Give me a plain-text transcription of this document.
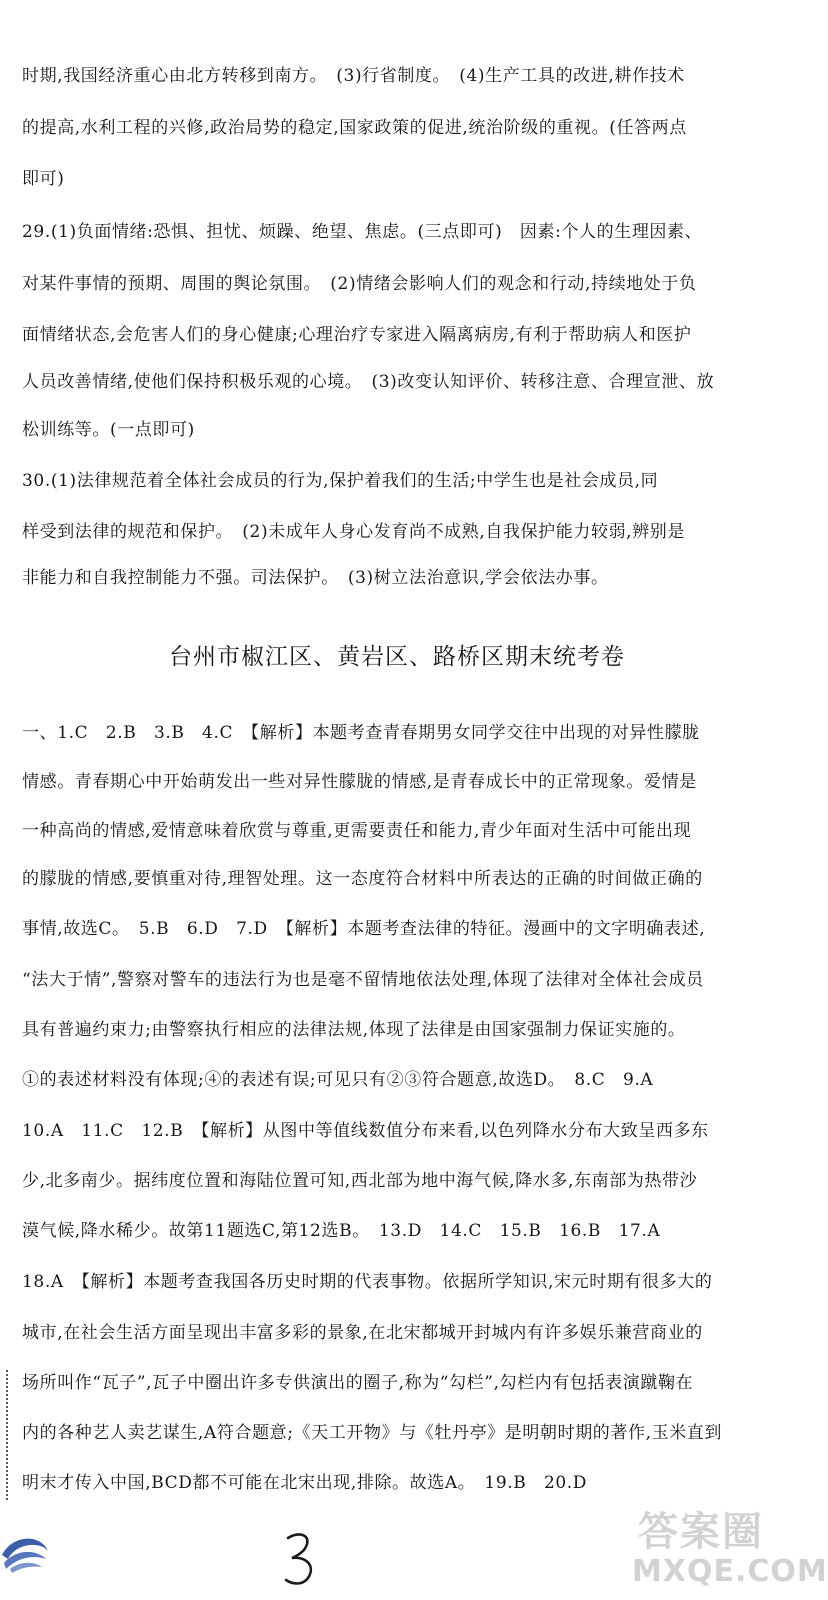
时期,我国经济重心由北方转移到南方。　(3)行省制度。　(4)生产工具的改进,耕作技术
的提高,水利工程的兴修,政治局势的稳定,国家政策的促进,统治阶级的重视。(任答两点
即可)
29.(1)负面情绪:恐惧、担忧、烦躁、绝望、焦虑。(三点即可)　因素:个人的生理因素、
对某件事情的预期、周围的舆论氛围。　(2)情绪会影响人们的观念和行动,持续地处于负
面情绪状态,会危害人们的身心健康;心理治疗专家进入隔离病房,有利于帮助病人和医护
人员改善情绪,使他们保持积极乐观的心境。　(3)改变认知评价、转移注意、合理宣泄、放
松训练等。(一点即可)
30.(1)法律规范着全体社会成员的行为,保护着我们的生活;中学生也是社会成员,同
样受到法律的规范和保护。　(2)未成年人身心发育尚不成熟,自我保护能力较弱,辨别是
非能力和自我控制能力不强。司法保护。　(3)树立法治意识,学会依法办事。
台州市椒江区、黄岩区、路桥区期末统考卷
一、1.C　2.B　3.B　4.C　【解析】本题考查青春期男女同学交往中出现的对异性朦胧
情感。青春期心中开始萌发出一些对异性朦胧的情感,是青春成长中的正常现象。爱情是
一种高尚的情感,爱情意味着欣赏与尊重,更需要责任和能力,青少年面对生活中可能出现
的朦胧的情感,要慎重对待,理智处理。这一态度符合材料中所表达的正确的时间做正确的
事情,故选C。　5.B　6.D　7.D　【解析】本题考查法律的特征。漫画中的文字明确表述,
“法大于情”,警察对警车的违法行为也是毫不留情地依法处理,体现了法律对全体社会成员
具有普遍约束力;由警察执行相应的法律法规,体现了法律是由国家强制力保证实施的。
①的表述材料没有体现;④的表述有误;可见只有②③符合题意,故选D。　8.C　9.A
10.A　11.C　12.B　【解析】从图中等值线数值分布来看,以色列降水分布大致呈西多东
少,北多南少。据纬度位置和海陆位置可知,西北部为地中海气候,降水多,东南部为热带沙
漠气候,降水稀少。故第11题选C,第12选B。　13.D　14.C　15.B　16.B　17.A
18.A　【解析】本题考查我国各历史时期的代表事物。依据所学知识,宋元时期有很多大的
城市,在社会生活方面呈现出丰富多彩的景象,在北宋都城开封城内有许多娱乐兼营商业的
场所叫作“瓦子”,瓦子中圈出许多专供演出的圈子,称为“勾栏”,勾栏内有包括表演蹴鞠在
内的各种艺人卖艺谋生,A符合题意;《天工开物》与《牡丹亭》是明朝时期的著作,玉米直到
明末才传入中国,BCD都不可能在北宋出现,排除。故选A。　19.B　20.D
答案圈
MXQE.COM
